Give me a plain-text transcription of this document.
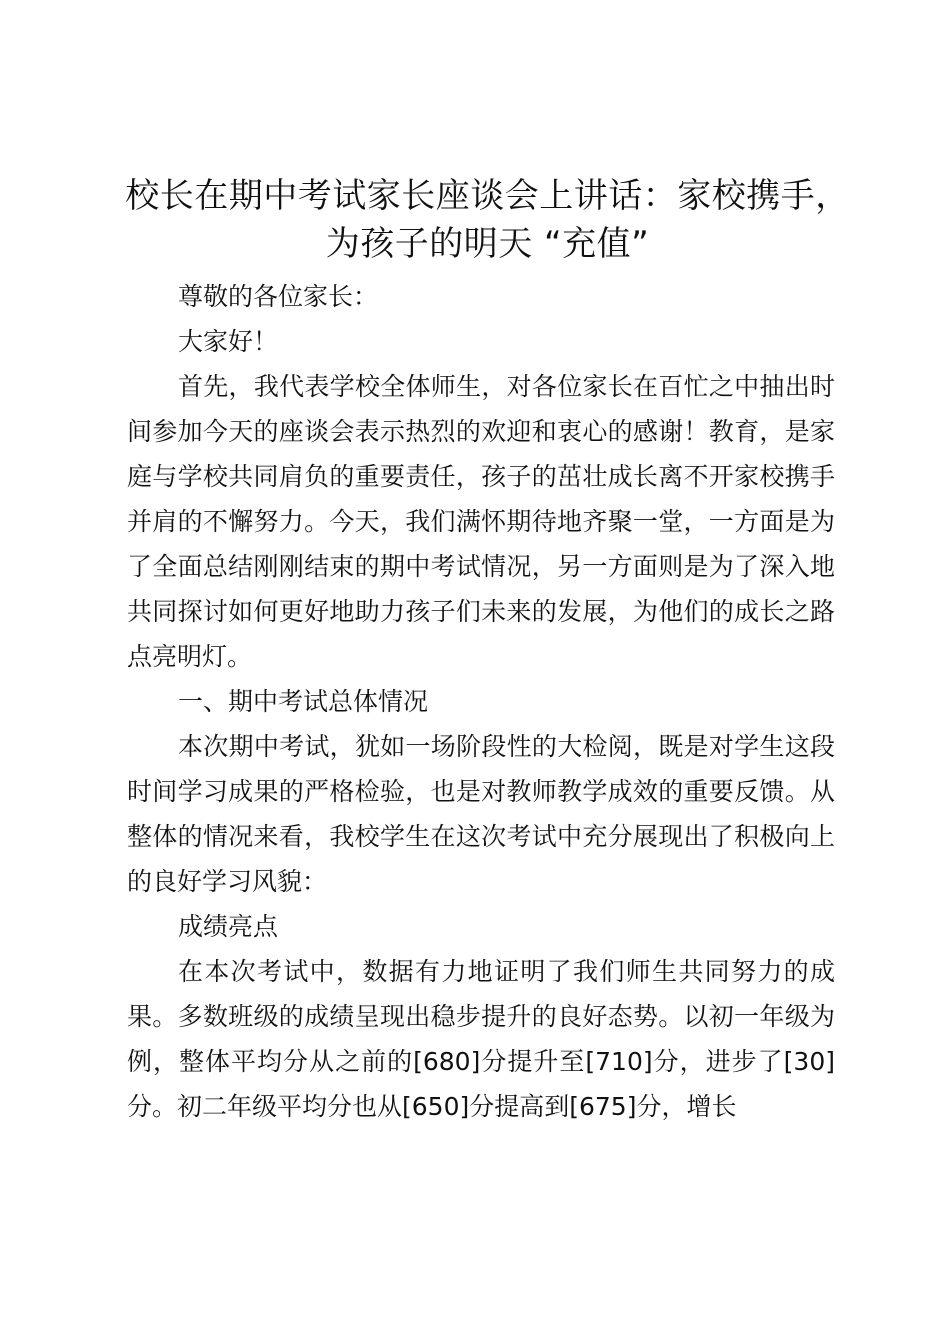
校长在期中考试家长座谈会上讲话：家校携手，
为孩子的明天 “充值”

尊敬的各位家长：

大家好！

首先，我代表学校全体师生，对各位家长在百忙之中抽出时间参加今天的座谈会表示热烈的欢迎和衷心的感谢！教育，是家庭与学校共同肩负的重要责任，孩子的茁壮成长离不开家校携手并肩的不懈努力。今天，我们满怀期待地齐聚一堂，一方面是为了全面总结刚刚结束的期中考试情况，另一方面则是为了深入地共同探讨如何更好地助力孩子们未来的发展，为他们的成长之路点亮明灯。

一、期中考试总体情况

本次期中考试，犹如一场阶段性的大检阅，既是对学生这段时间学习成果的严格检验，也是对教师教学成效的重要反馈。从整体的情况来看，我校学生在这次考试中充分展现出了积极向上的良好学习风貌：

成绩亮点

在本次考试中，数据有力地证明了我们师生共同努力的成果。多数班级的成绩呈现出稳步提升的良好态势。以初一年级为例，整体平均分从之前的[680]分提升至[710]分，进步了[30]分。初二年级平均分也从[650]分提高到[675]分，增长
